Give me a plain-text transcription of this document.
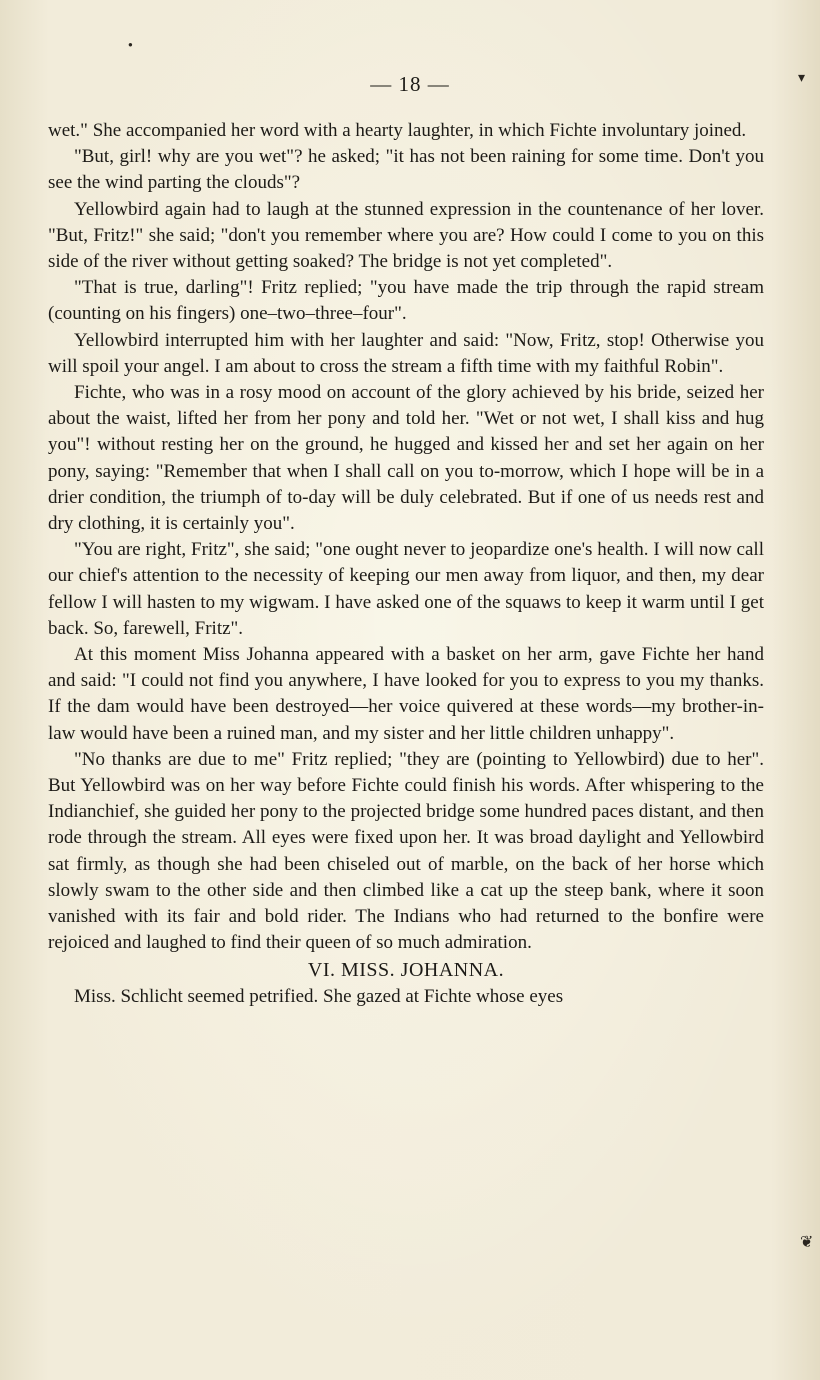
▾
●
— 18 —

wet." She accompanied her word with a hearty laughter, in which Fichte involuntary joined.

"But, girl! why are you wet"? he asked; "it has not been raining for some time. Don't you see the wind parting the clouds"?

Yellowbird again had to laugh at the stunned expression in the countenance of her lover. "But, Fritz!" she said; "don't you remember where you are? How could I come to you on this side of the river without getting soaked? The bridge is not yet completed".

"That is true, darling"! Fritz replied; "you have made the trip through the rapid stream (counting on his fingers) one–two–three–four".

Yellowbird interrupted him with her laughter and said: "Now, Fritz, stop! Otherwise you will spoil your angel. I am about to cross the stream a fifth time with my faithful Robin".

Fichte, who was in a rosy mood on account of the glory achieved by his bride, seized her about the waist, lifted her from her pony and told her. "Wet or not wet, I shall kiss and hug you"! without resting her on the ground, he hugged and kissed her and set her again on her pony, saying: "Remember that when I shall call on you to-morrow, which I hope will be in a drier condition, the triumph of to-day will be duly celebrated. But if one of us needs rest and dry clothing, it is certainly you".

"You are right, Fritz", she said; "one ought never to jeopardize one's health. I will now call our chief's attention to the necessity of keeping our men away from liquor, and then, my dear fellow I will hasten to my wigwam. I have asked one of the squaws to keep it warm until I get back. So, farewell, Fritz".

At this moment Miss Johanna appeared with a basket on her arm, gave Fichte her hand and said: "I could not find you anywhere, I have looked for you to express to you my thanks. If the dam would have been destroyed—her voice quivered at these words—my brother-in-law would have been a ruined man, and my sister and her little children unhappy".

"No thanks are due to me" Fritz replied; "they are (pointing to Yellowbird) due to her". But Yellowbird was on her way before Fichte could finish his words. After whispering to the Indianchief, she guided her pony to the projected bridge some hundred paces distant, and then rode through the stream. All eyes were fixed upon her. It was broad daylight and Yellowbird sat firmly, as though she had been chiseled out of marble, on the back of her horse which slowly swam to the other side and then climbed like a cat up the steep bank, where it soon vanished with its fair and bold rider. The Indians who had returned to the bonfire were rejoiced and laughed to find their queen of so much admiration.

VI. MISS. JOHANNA.

Miss. Schlicht seemed petrified. She gazed at Fichte whose eyes

❦
